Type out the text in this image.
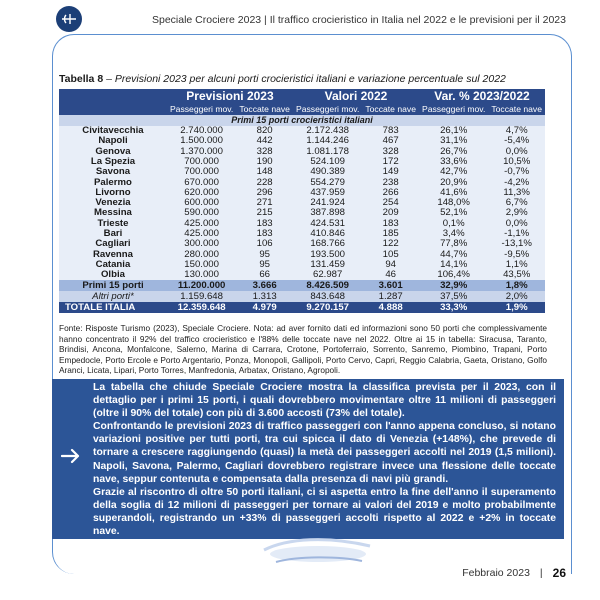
Speciale Crociere 2023 | Il traffico crocieristico in Italia nel 2022 e le previsioni per il 2023
Tabella 8 – Previsioni 2023 per alcuni porti crocieristici italiani e variazione percentuale sul 2022
	Previsioni 2023		Valori 2022		Var. % 2023/2022	
	Passeggeri mov.	Toccate nave	Passeggeri mov.	Toccate nave	Passeggeri mov.	Toccate nave
Primi 15 porti crocieristici italiani						
Civitavecchia	2.740.000	820	2.172.438	783	26,1%	4,7%
Napoli	1.500.000	442	1.144.246	467	31,1%	-5,4%
Genova	1.370.000	328	1.081.178	328	26,7%	0,0%
La Spezia	700.000	190	524.109	172	33,6%	10,5%
Savona	700.000	148	490.389	149	42,7%	-0,7%
Palermo	670.000	228	554.279	238	20,9%	-4,2%
Livorno	620.000	296	437.959	266	41,6%	11,3%
Venezia	600.000	271	241.924	254	148,0%	6,7%
Messina	590.000	215	387.898	209	52,1%	2,9%
Trieste	425.000	183	424.531	183	0,1%	0,0%
Bari	425.000	183	410.846	185	3,4%	-1,1%
Cagliari	300.000	106	168.766	122	77,8%	-13,1%
Ravenna	280.000	95	193.500	105	44,7%	-9,5%
Catania	150.000	95	131.459	94	14,1%	1,1%
Olbia	130.000	66	62.987	46	106,4%	43,5%
Primi 15 porti	11.200.000	3.666	8.426.509	3.601	32,9%	1,8%
Altri porti*	1.159.648	1.313	843.648	1.287	37,5%	2,0%
TOTALE ITALIA	12.359.648	4.979	9.270.157	4.888	33,3%	1,9%
Fonte: Risposte Turismo (2023), Speciale Crociere. Nota: ad aver fornito dati ed informazioni sono 50 porti che complessivamente hanno concentrato il 92% del traffico crocieristico e l'88% delle toccate nave nel 2022. Oltre ai 15 in tabella: Siracusa, Taranto, Brindisi, Ancona, Monfalcone, Salerno, Marina di Carrara, Crotone, Portoferraio, Sorrento, Sanremo, Piombino, Trapani, Porto Empedocle, Porto Ercole e Porto Argentario, Ponza, Monopoli, Gallipoli, Porto Cervo, Capri, Reggio Calabria, Gaeta, Oristano, Golfo Aranci, Licata, Lipari, Porto Torres, Manfredonia, Arbatax, Oristano, Agropoli.

La tabella che chiude Speciale Crociere mostra la classifica prevista per il 2023, con il dettaglio per i primi 15 porti, i quali dovrebbero movimentare oltre 11 milioni di passeggeri (oltre il 90% del totale) con più di 3.600 accosti (73% del totale).

Confrontando le previsioni 2023 di traffico passeggeri con l'anno appena concluso, si notano variazioni positive per tutti porti, tra cui spicca il dato di Venezia (+148%), che prevede di tornare a crescere raggiungendo (quasi) la metà dei passeggeri accolti nel 2019 (1,5 milioni). Napoli, Savona, Palermo, Cagliari dovrebbero registrare invece una flessione delle toccate nave, seppur contenuta e compensata dalla presenza di navi più grandi.

Grazie al riscontro di oltre 50 porti italiani, ci si aspetta entro la fine dell'anno il superamento della soglia di 12 milioni di passeggeri per tornare ai valori del 2019 e molto probabilmente superandoli, registrando un +33% di passeggeri accolti rispetto al 2022 e +2% in toccate nave.

Febbraio 2023 | 26
